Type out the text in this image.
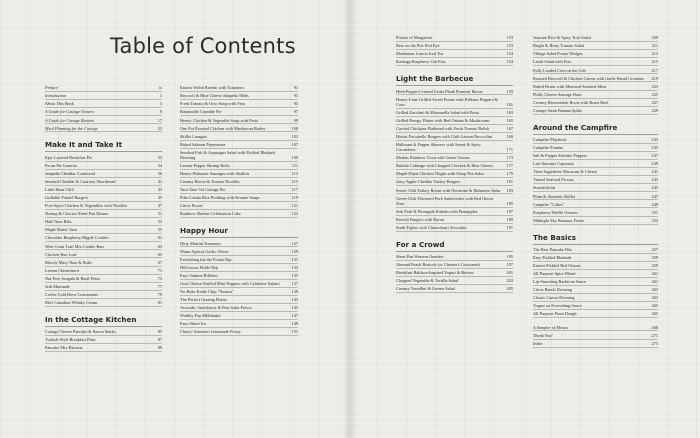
Table of Contents
Preface	ix
Introduction	1
About This Book	3
A Guide for Cottage Owners	9
A Guide for Cottage Renters	17
Meal Planning for the Cottage	23
Make It and Take It
Epic Layered Breakfast Pie	33
Pecan Pie Granola	34
Jalapeño Cheddar Cornbread	36
Smoked Cheddar & Caraway Shortbread	41
Little Bean Chili	43
Grillable Falafel Burgers	45
Five-Spice Chicken & Vegetables with Noodles	47
Shrimp & Chorizo Sheet Pan Dinner	51
Half Time Ribs	53
Maple Butter Tarts	55
Chocolate Raspberry Ripple Cookies	61
West Coast Trail Mix Cookie Bars	63
Chicken Bun Loaf	65
Bloody Mary Nuts & Bolts	67
Lemon Chimichurri	71
Nut Free Arugula & Basil Pesto	73
Jerk Marinade	77
Coffee Cold Brew Concentrate	79
Ma's Canadian Whisky Cream	81
In the Cottage Kitchen
Cottage Cheese Pancake & Bacon Stacks	85
Turkish-Style Breakfast Pitas	87
Pancake Mix Biscuits	89
Easiest Welsh Rarebit with Tomatoes	91
Broccoli & Blue Cheese Jalapeño Melts	93
Fresh Tomato & Orzo Soup with Feta	95
Ratatouille Crumble Pie	97
Hearty Chicken & Vegetable Soup with Pesto	99
One Pot Roasted Chicken with Mushroom Barley	100
Skillet Lasagna	103
Baked Salmon Peperonata	107
Smoked Fish & Asparagus Salad with Pickled Rhubarb Dressing	109
Lemon-Pepper Shrimp Rolls	111
Honey-Balsamic Sausages with Shallots	113
Creamy Bacon & Tomato Noodles	115
Tarn Tater Tot Cottage Pie	117
Piña Colada Rice Pudding with Sesame Snaps	119
Citrus Posset	121
Rainbow Sherbet Celebration Cake	123
Happy Hour
Dirty Martini Tomatoes	127
Warm Apricot Garlic Olives	129
Everything but the Potato Dip	131
Dill-icious Pickle Dip	133
Easy Salmon Rillettes	135
Goat Cheese-Stuffed Mini Peppers with Calabrese Salami	137
No-Bake Kettle Chip "Nachos"	139
The Perfect Grazing Platter	143
Avocado, Strawberry & Feta Salsa Fresca	145
Wobbly Pop Milkshake	147
Easy Shave Ice	149
Cherry-Amaretto Lemonade Frosty	151
Pitcher of Margaritas	153
Beer on the Pier Red Eye	153
Manhattan Lemon Iced Tea	154
Kashaga Raspberry Gin Fizz	154
Light the Barbecue
Herb-Pepper-Crusted Cedar Plank Peameal Bacon	159
Honey-Lime Grilled Sweet Potato with Poblano Peppers & Corn	161
Grilled Zucchini & Mozzarella Salad with Pesto	163
Grilled Perogy Platter with Red Onions & Mushrooms	165
Curried Chickpea Flatbread with Fresh Tomato Relish	167
Hoisin Portobello Burgers with Chili-Lemon Broccolini	169
Halloumi & Pepper Skewers with Sweet & Spicy Cucumbers	171
Madras Rainbow Trout with Green Onions	173
Buffalo Cabbage with Chopped Chicken & Blue Cheese	177
Maple-Dijon Chicken Thighs with Sloop Pea Salsa	179
Juicy Apple-Cheddar Turkey Burgers	181
Sweet Chili Turkey Breast with Nectarine & Habanero Salsa	183
Green Chili-Drowned Pork Sandwiches with Red Onion Slaw	185
Jerk Pork & Pineapple Kabobs with Pineapples	187
Kimchi Burgers with Bacon	189
Steak Fajitas with Chimichurri Avocados	191
For a Crowd
Sheet Pan Western Omelets	195
Almond Peach Bostock (or Cheater's Croissants)	197
Breakfast Baklava-Inspired Yogurt & Berries	201
Chopped Vegetable & Tortilla Salad	203
Creamy Tortellini & Greens Salad	205
Jasmine Rice & Spicy Tofu Salad	209
Bright & Briny Tomato Salad	211
Village Salad Potato Wedges	213
Lentil Salad with Feta	215
Fully Loaded Corn on the Cob	217
Roasted Broccoli & Chicken Caesar with Garlic Bread Croutons	219
Baked Beans with Montreal Smoked Meat	223
Philly Cheese Sausage Buns	225
Creamy Horseradish Roots with Roast Beef	227
Cottage Steak Banana Splits	229
Around the Campfire
Campfire Playbook	233
Campfire Fondue	235
Salt & Pepper Shishito Peppers	237
Late Summer Caponata	239
Three Ingredient Macaroni & Cheese	241
Tinned Seafood Piccata	243
Stroodoh-ish	245
Plum & Amaretti Skillet	247
Campfire "Cakes"	249
Raspberry Waffle S'mores	251
Midnight Sky Bananas Foster	253
The Basics
The Best Pancake Mix	257
Easy Pickled Rhubarb	259
Easiest Pickled Red Onions	259
All Purpose Spice Blend	261
Lip-Smacking Barbecue Sauce	261
Citrus Ranch Dressing	263
Classic Caesar Dressing	263
Yogurt on Everything Sauce	265
All Purpose Pizza Dough	265
A Sampler of Menus	268
Thank You!	271
Index	275
